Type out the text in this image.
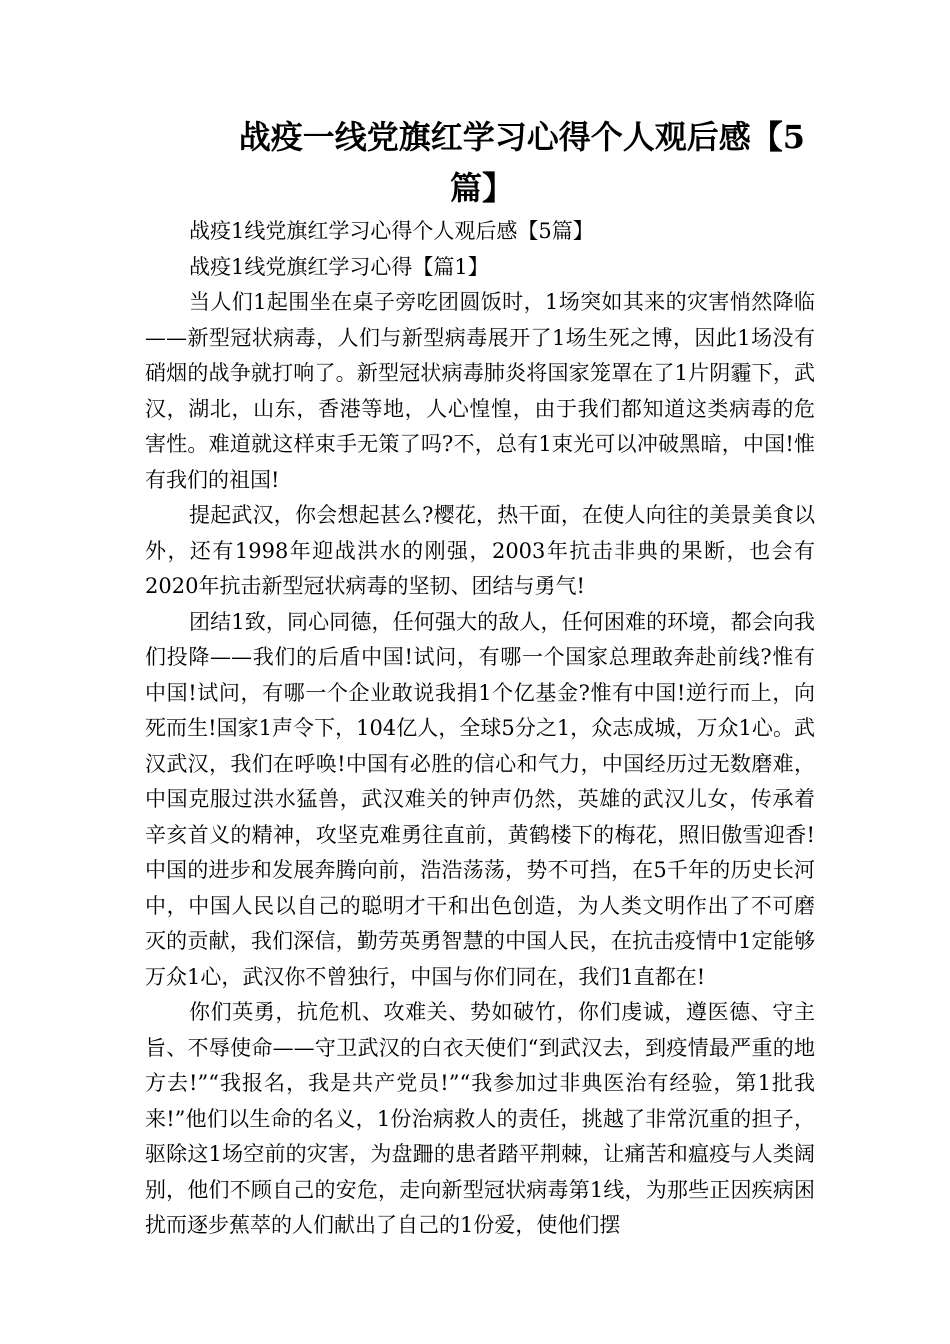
战疫一线党旗红学习心得个人观后感【5
篇】

战疫1线党旗红学习心得个人观后感【5篇】

战疫1线党旗红学习心得【篇1】

当人们1起围坐在桌子旁吃团圆饭时，1场突如其来的灾害悄然降临——新型冠状病毒，人们与新型病毒展开了1场生死之博，因此1场没有硝烟的战争就打响了。新型冠状病毒肺炎将国家笼罩在了1片阴霾下，武汉，湖北，山东，香港等地，人心惶惶，由于我们都知道这类病毒的危害性。难道就这样束手无策了吗?不，总有1束光可以冲破黑暗，中国!惟有我们的祖国!

提起武汉，你会想起甚么?樱花，热干面，在使人向往的美景美食以外，还有1998年迎战洪水的刚强，2003年抗击非典的果断，也会有2020年抗击新型冠状病毒的坚韧、团结与勇气!

团结1致，同心同德，任何强大的敌人，任何困难的环境，都会向我们投降——我们的后盾中国!试问，有哪一个国家总理敢奔赴前线?惟有中国!试问，有哪一个企业敢说我捐1个亿基金?惟有中国!逆行而上，向死而生!国家1声令下，104亿人，全球5分之1，众志成城，万众1心。武汉武汉，我们在呼唤!中国有必胜的信心和气力，中国经历过无数磨难，中国克服过洪水猛兽，武汉难关的钟声仍然，英雄的武汉儿女，传承着辛亥首义的精神，攻坚克难勇往直前，黄鹤楼下的梅花，照旧傲雪迎香!中国的进步和发展奔腾向前，浩浩荡荡，势不可挡，在5千年的历史长河中，中国人民以自己的聪明才干和出色创造，为人类文明作出了不可磨灭的贡献，我们深信，勤劳英勇智慧的中国人民，在抗击疫情中1定能够万众1心，武汉你不曾独行，中国与你们同在，我们1直都在!

你们英勇，抗危机、攻难关、势如破竹，你们虔诚，遵医德、守主旨、不辱使命——守卫武汉的白衣天使们“到武汉去，到疫情最严重的地方去!”“我报名，我是共产党员!”“我参加过非典医治有经验，第1批我来!”他们以生命的名义，1份治病救人的责任，挑越了非常沉重的担子，驱除这1场空前的灾害，为盘跚的患者踏平荆棘，让痛苦和瘟疫与人类阔别，他们不顾自己的安危，走向新型冠状病毒第1线，为那些正因疾病困扰而逐步蕉萃的人们献出了自己的1份爱，使他们摆
